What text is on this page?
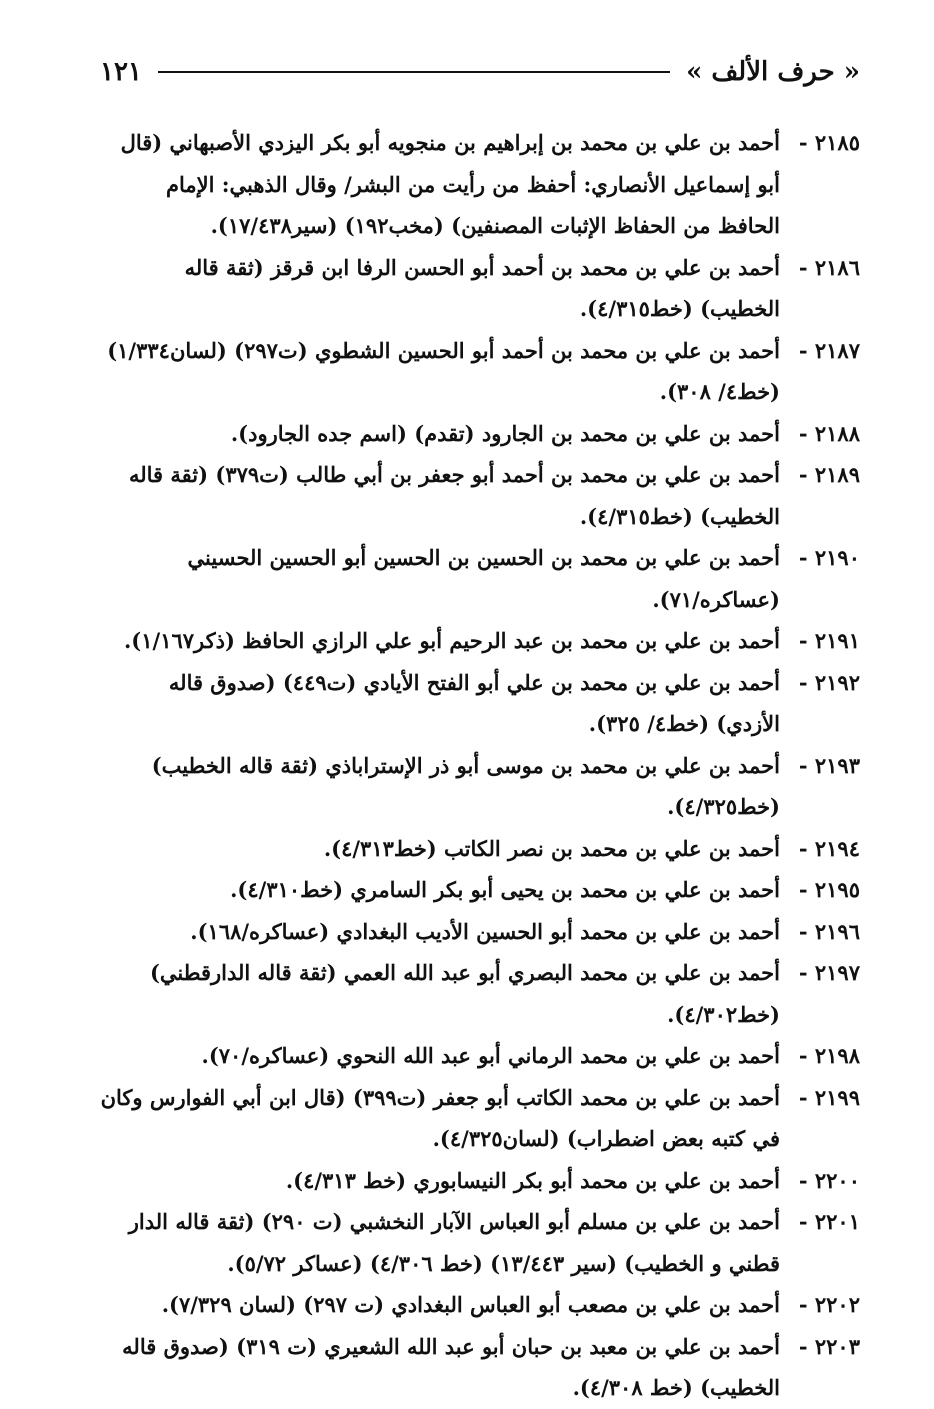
« حرف الألف »
١٢١
٢١٨٥ -
أحمد بن علي بن محمد بن إبراهيم بن منجويه أبو بكر اليزدي الأصبهاني (قال أبو إسماعيل الأنصاري: أحفظ من رأيت من البشر/ وقال الذهبي: الإمام الحافظ من الحفاظ الإثبات المصنفين) (مخب١٩٢) (سير١٧/٤٣٨).
٢١٨٦ -
أحمد بن علي بن محمد بن أحمد أبو الحسن الرفا ابن قرقز (ثقة قاله الخطيب) (خط٤/٣١٥).
٢١٨٧ -
أحمد بن علي بن محمد بن أحمد أبو الحسين الشطوي (ت٢٩٧) (لسان١/٣٣٤) (خط٤/ ٣٠٨).
٢١٨٨ -
أحمد بن علي بن محمد بن الجارود (تقدم) (اسم جده الجارود).
٢١٨٩ -
أحمد بن علي بن محمد بن أحمد أبو جعفر بن أبي طالب (ت٣٧٩) (ثقة قاله الخطيب) (خط٤/٣١٥).
٢١٩٠ -
أحمد بن علي بن محمد بن الحسين بن الحسين أبو الحسين الحسيني (عساكره/٧١).
٢١٩١ -
أحمد بن علي بن محمد بن عبد الرحيم أبو علي الرازي الحافظ (ذكر١/١٦٧).
٢١٩٢ -
أحمد بن علي بن محمد بن علي أبو الفتح الأيادي (ت٤٤٩) (صدوق قاله الأزدي) (خط٤/ ٣٢٥).
٢١٩٣ -
أحمد بن علي بن محمد بن موسى أبو ذر الإستراباذي (ثقة قاله الخطيب) (خط٤/٣٢٥).
٢١٩٤ -
أحمد بن علي بن محمد بن نصر الكاتب (خط٤/٣١٣).
٢١٩٥ -
أحمد بن علي بن محمد بن يحيى أبو بكر السامري (خط٤/٣١٠).
٢١٩٦ -
أحمد بن علي بن محمد أبو الحسين الأديب البغدادي (عساكره/١٦٨).
٢١٩٧ -
أحمد بن علي بن محمد البصري أبو عبد الله العمي (ثقة قاله الدارقطني) (خط٤/٣٠٢).
٢١٩٨ -
أحمد بن علي بن محمد الرماني أبو عبد الله النحوي (عساكره/٧٠).
٢١٩٩ -
أحمد بن علي بن محمد الكاتب أبو جعفر (ت٣٩٩) (قال ابن أبي الفوارس وكان في كتبه بعض اضطراب) (لسان٤/٣٢٥).
٢٢٠٠ -
أحمد بن علي بن محمد أبو بكر النيسابوري (خط ٤/٣١٣).
٢٢٠١ -
أحمد بن علي بن مسلم أبو العباس الآبار النخشبي (ت ٢٩٠) (ثقة قاله الدار قطني و الخطيب) (سير ١٣/٤٤٣) (خط ٤/٣٠٦) (عساكر ٥/٧٢).
٢٢٠٢ -
أحمد بن علي بن مصعب أبو العباس البغدادي (ت ٢٩٧) (لسان ٧/٣٢٩).
٢٢٠٣ -
أحمد بن علي بن معبد بن حبان أبو عبد الله الشعيري (ت ٣١٩) (صدوق قاله الخطيب) (خط ٤/٣٠٨).
